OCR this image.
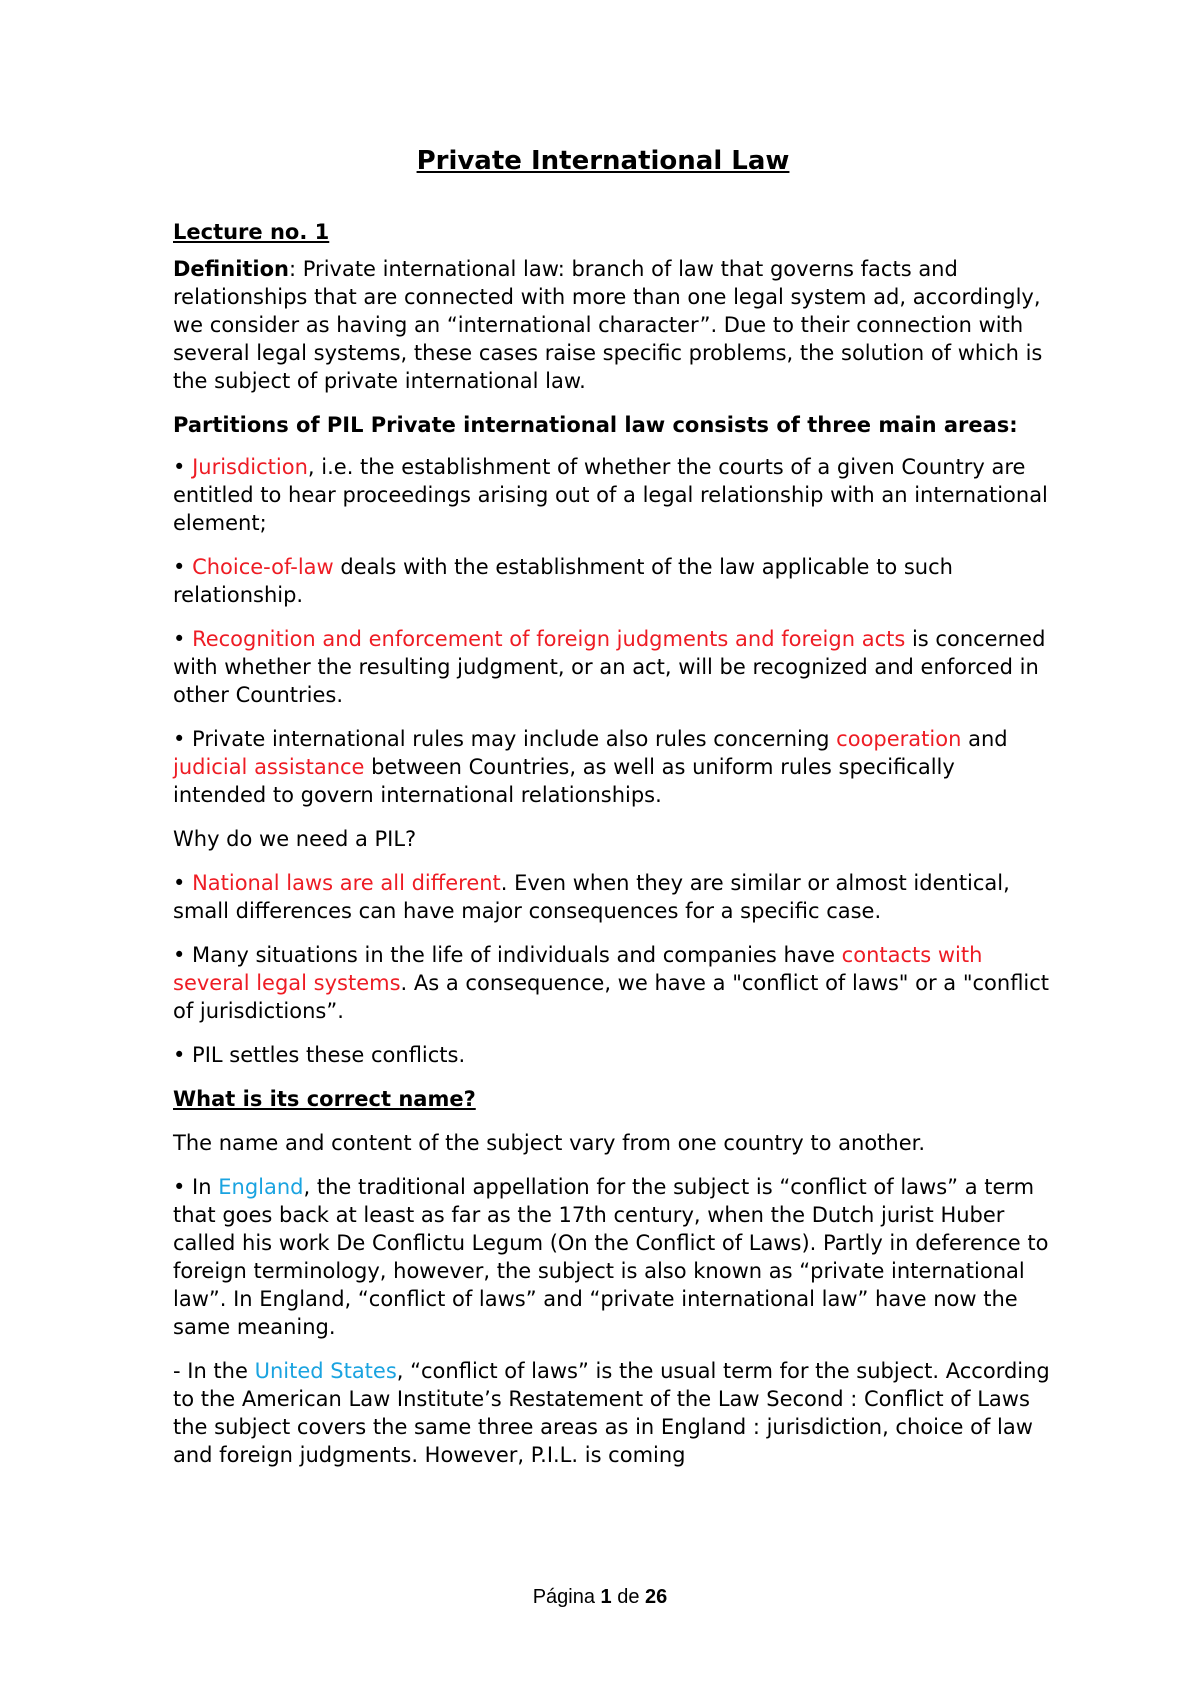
Private International Law
Lecture no. 1

Definition: Private international law: branch of law that governs facts and relationships that are connected with more than one legal system ad, accordingly, we consider as having an “international character”. Due to their connection with several legal systems, these cases raise specific problems, the solution of which is the subject of private international law.

Partitions of PIL Private international law consists of three main areas:

• Jurisdiction, i.e. the establishment of whether the courts of a given Country are entitled to hear proceedings arising out of a legal relationship with an international element;

• Choice-of-law deals with the establishment of the law applicable to such relationship.

• Recognition and enforcement of foreign judgments and foreign acts is concerned with whether the resulting judgment, or an act, will be recognized and enforced in other Countries.

• Private international rules may include also rules concerning cooperation and judicial assistance between Countries, as well as uniform rules specifically intended to govern international relationships.

Why do we need a PIL?

• National laws are all different. Even when they are similar or almost identical, small differences can have major consequences for a specific case.

• Many situations in the life of individuals and companies have contacts with several legal systems. As a consequence, we have a "conflict of laws" or a "conflict of jurisdictions”.

• PIL settles these conflicts.

What is its correct name?

The name and content of the subject vary from one country to another.

• In England, the traditional appellation for the subject is “conflict of laws” a term that goes back at least as far as the 17th century, when the Dutch jurist Huber called his work De Conflictu Legum (On the Conflict of Laws). Partly in deference to foreign terminology, however, the subject is also known as “private international law”. In England, “conflict of laws” and “private international law” have now the same meaning.

- In the United States, “conflict of laws” is the usual term for the subject. According to the American Law Institute’s Restatement of the Law Second : Conflict of Laws the subject covers the same three areas as in England : jurisdiction, choice of law and foreign judgments. However, P.I.L. is coming

Página 1 de 26
